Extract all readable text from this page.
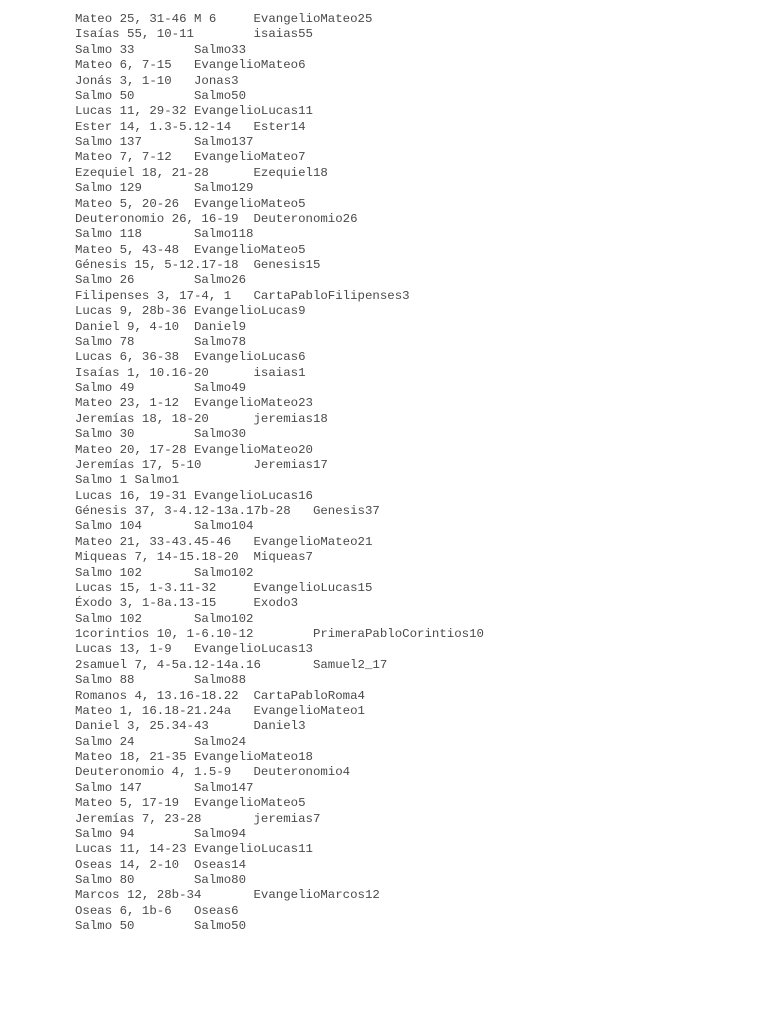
Mateo 25, 31-46 M 6     EvangelioMateo25
Isaías 55, 10-11        isaias55
Salmo 33        Salmo33
Mateo 6, 7-15   EvangelioMateo6
Jonás 3, 1-10   Jonas3
Salmo 50        Salmo50
Lucas 11, 29-32 EvangelioLucas11
Ester 14, 1.3-5.12-14   Ester14
Salmo 137       Salmo137
Mateo 7, 7-12   EvangelioMateo7
Ezequiel 18, 21-28      Ezequiel18
Salmo 129       Salmo129
Mateo 5, 20-26  EvangelioMateo5
Deuteronomio 26, 16-19  Deuteronomio26
Salmo 118       Salmo118
Mateo 5, 43-48  EvangelioMateo5
Génesis 15, 5-12.17-18  Genesis15
Salmo 26        Salmo26
Filipenses 3, 17-4, 1   CartaPabloFilipenses3
Lucas 9, 28b-36 EvangelioLucas9
Daniel 9, 4-10  Daniel9
Salmo 78        Salmo78
Lucas 6, 36-38  EvangelioLucas6
Isaías 1, 10.16-20      isaias1
Salmo 49        Salmo49
Mateo 23, 1-12  EvangelioMateo23
Jeremías 18, 18-20      jeremias18
Salmo 30        Salmo30
Mateo 20, 17-28 EvangelioMateo20
Jeremías 17, 5-10       Jeremias17
Salmo 1 Salmo1
Lucas 16, 19-31 EvangelioLucas16
Génesis 37, 3-4.12-13a.17b-28   Genesis37
Salmo 104       Salmo104
Mateo 21, 33-43.45-46   EvangelioMateo21
Miqueas 7, 14-15.18-20  Miqueas7
Salmo 102       Salmo102
Lucas 15, 1-3.11-32     EvangelioLucas15
Éxodo 3, 1-8a.13-15     Exodo3
Salmo 102       Salmo102
1corintios 10, 1-6.10-12        PrimeraPabloCorintios10
Lucas 13, 1-9   EvangelioLucas13
2samuel 7, 4-5a.12-14a.16       Samuel2_17
Salmo 88        Salmo88
Romanos 4, 13.16-18.22  CartaPabloRoma4
Mateo 1, 16.18-21.24a   EvangelioMateo1
Daniel 3, 25.34-43      Daniel3
Salmo 24        Salmo24
Mateo 18, 21-35 EvangelioMateo18
Deuteronomio 4, 1.5-9   Deuteronomio4
Salmo 147       Salmo147
Mateo 5, 17-19  EvangelioMateo5
Jeremías 7, 23-28       jeremias7
Salmo 94        Salmo94
Lucas 11, 14-23 EvangelioLucas11
Oseas 14, 2-10  Oseas14
Salmo 80        Salmo80
Marcos 12, 28b-34       EvangelioMarcos12
Oseas 6, 1b-6   Oseas6
Salmo 50        Salmo50
